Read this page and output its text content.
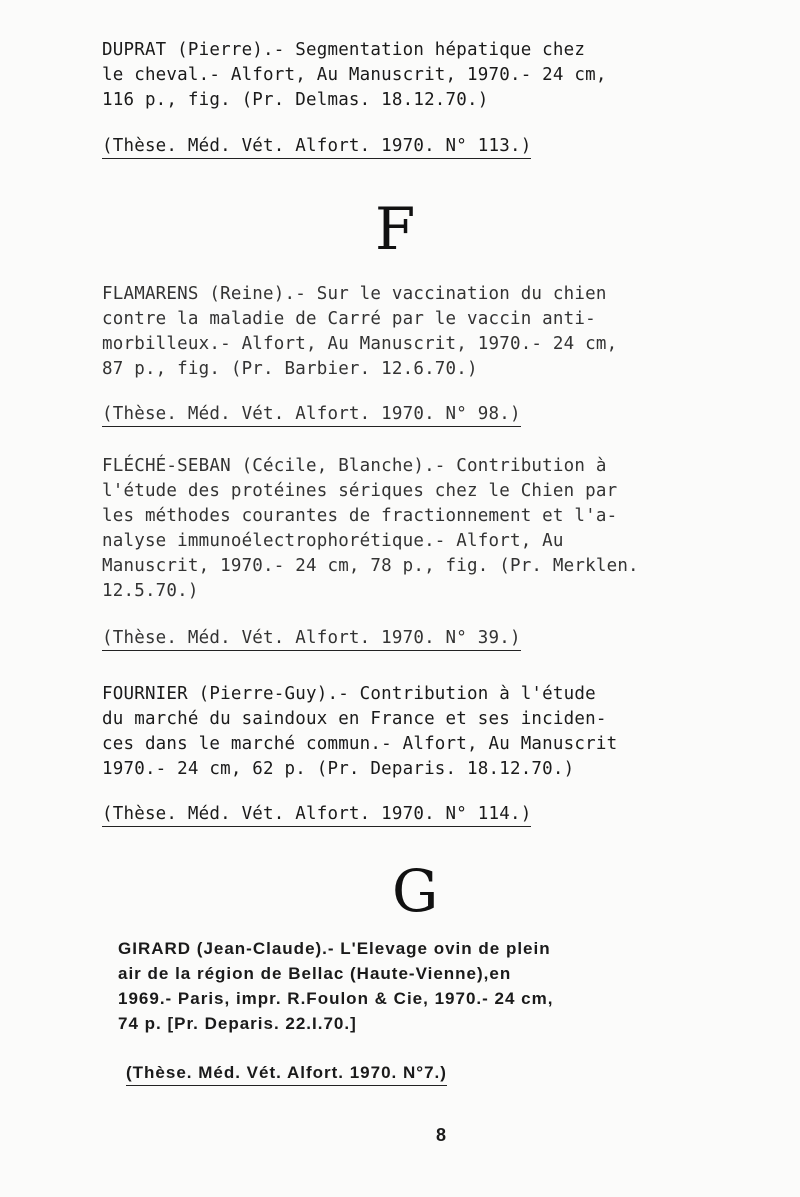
DUPRAT (Pierre).- Segmentation hépatique chez
le cheval.- Alfort, Au Manuscrit, 1970.- 24 cm,
116 p., fig. (Pr. Delmas. 18.12.70.)
(Thèse. Méd. Vét. Alfort. 1970. N° 113.)
F
FLAMARENS (Reine).- Sur le vaccination du chien
contre la maladie de Carré par le vaccin anti-
morbilleux.- Alfort, Au Manuscrit, 1970.- 24 cm,
87 p., fig. (Pr. Barbier. 12.6.70.)
(Thèse. Méd. Vét. Alfort. 1970. N° 98.)
FLÉCHÉ-SEBAN (Cécile, Blanche).- Contribution à
l'étude des protéines sériques chez le Chien par
les méthodes courantes de fractionnement et l'a-
nalyse immunoélectrophorétique.- Alfort, Au
Manuscrit, 1970.- 24 cm, 78 p., fig. (Pr. Merklen.
12.5.70.)
(Thèse. Méd. Vét. Alfort. 1970. N° 39.)
FOURNIER (Pierre-Guy).- Contribution à l'étude
du marché du saindoux en France et ses inciden-
ces dans le marché commun.- Alfort, Au Manuscrit
1970.- 24 cm, 62 p. (Pr. Deparis. 18.12.70.)
(Thèse. Méd. Vét. Alfort. 1970. N° 114.)
G
GIRARD (Jean-Claude).- L'Elevage ovin de plein
air de la région de Bellac (Haute-Vienne),en
1969.- Paris, impr. R.Foulon & Cie, 1970.- 24 cm,
74 p. [Pr. Deparis. 22.I.70.]
(Thèse. Méd. Vét. Alfort. 1970. N°7.)
8
